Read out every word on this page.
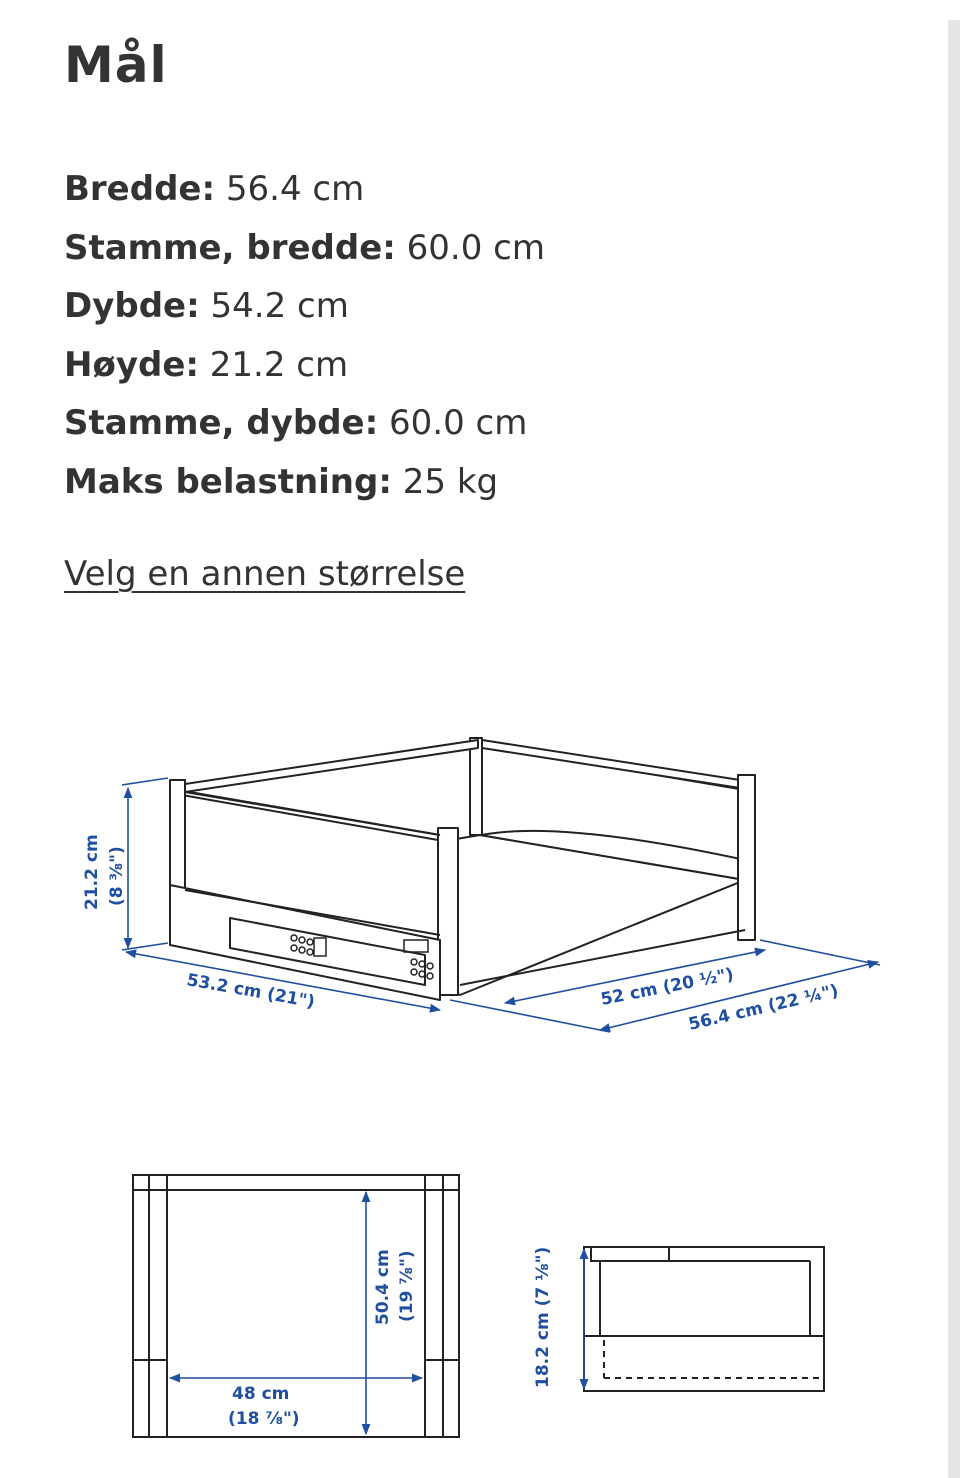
Mål
Bredde: 56.4 cm
Stamme, bredde: 60.0 cm
Dybde: 54.2 cm
Høyde: 21.2 cm
Stamme, dybde: 60.0 cm
Maks belastning: 25 kg
Velg en annen størrelse
21.2 cm (8 ⅜")
53.2 cm (21")	52 cm (20 ½")
56.4 cm (22 ¼")
50.4 cm (19 ⅞")
48 cm
(18 ⅞")
18.2 cm (7 ⅛")
